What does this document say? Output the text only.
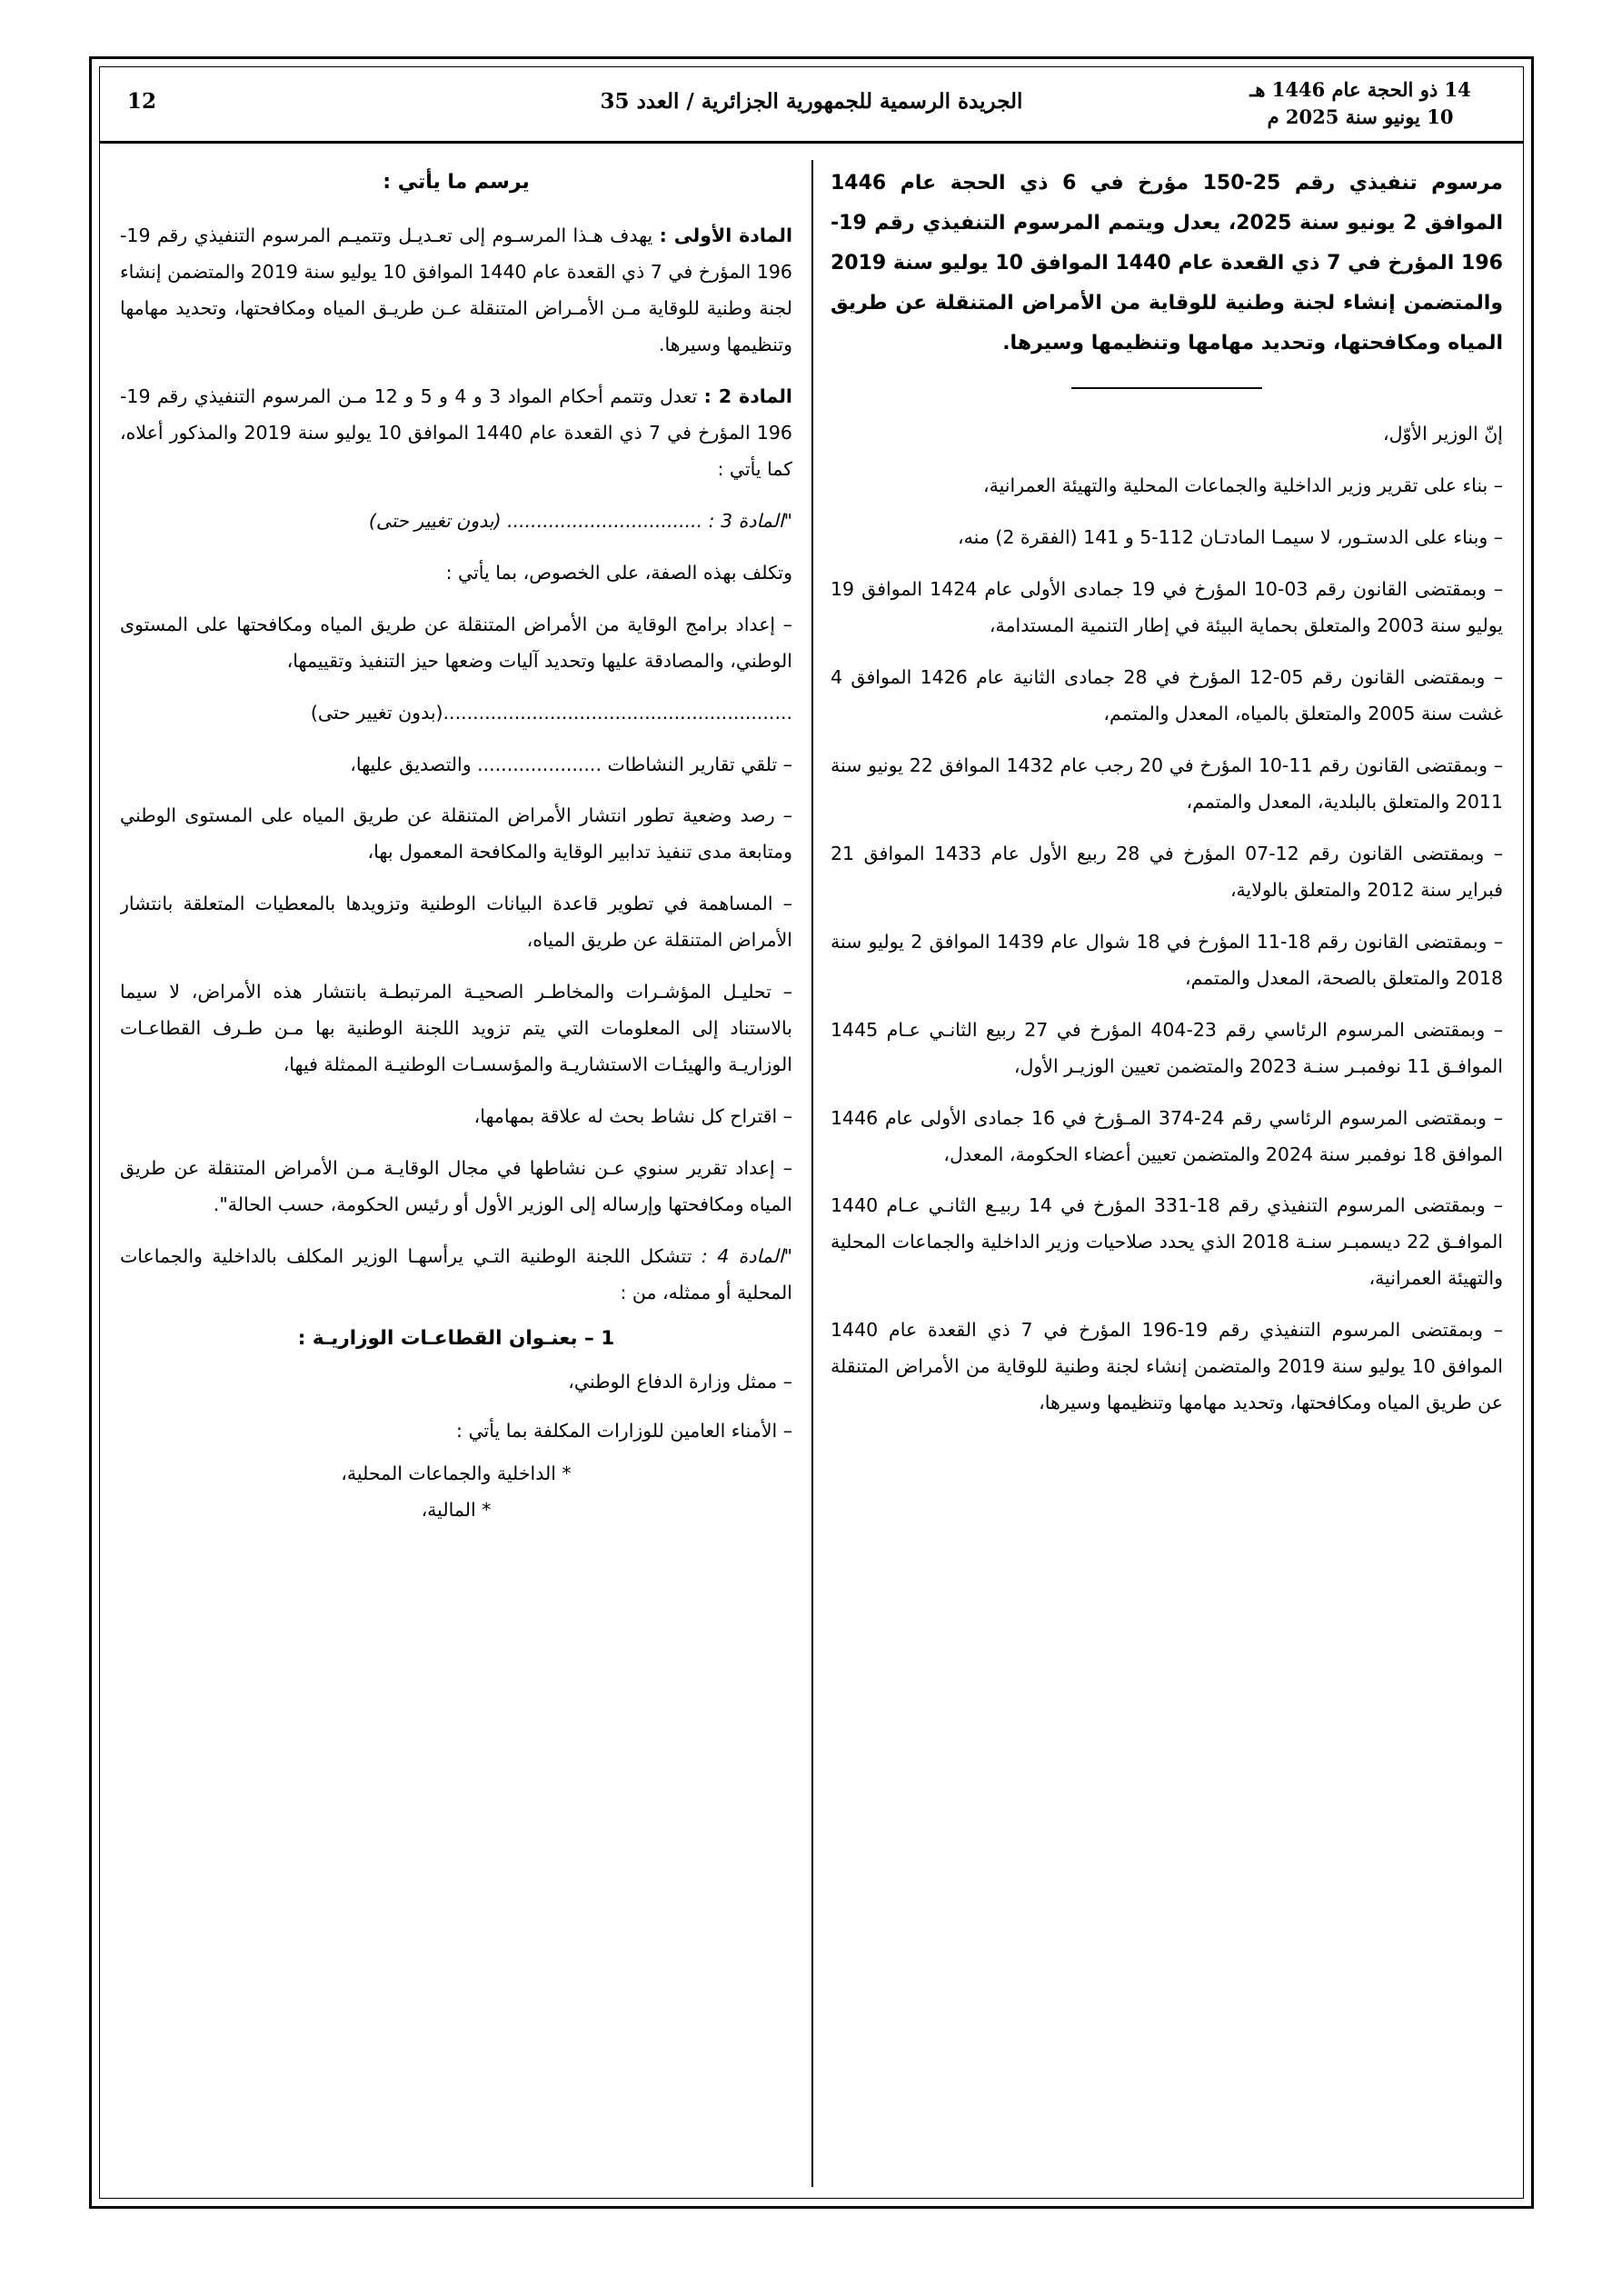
14 ذو الحجة عام 1446 هـ
10 يونيو سنة 2025 م
الجريدة الرسمية للجمهورية الجزائرية / العدد 35
12
مرسوم تنفيذي رقم 25-150 مؤرخ في 6 ذي الحجة عام 1446 الموافق 2 يونيو سنة 2025، يعدل ويتمم المرسوم التنفيذي رقم 19-196 المؤرخ في 7 ذي القعدة عام 1440 الموافق 10 يوليو سنة 2019 والمتضمن إنشاء لجنة وطنية للوقاية من الأمراض المتنقلة عن طريق المياه ومكافحتها، وتحديد مهامها وتنظيمها وسيرها.
إنّ الوزير الأوّل،
– بناء على تقرير وزير الداخلية والجماعات المحلية والتهيئة العمرانية،
– وبناء على الدستـور، لا سيمـا المادتـان 112-5 و 141 (الفقرة 2) منه،
– وبمقتضى القانون رقم 03-10 المؤرخ في 19 جمادى الأولى عام 1424 الموافق 19 يوليو سنة 2003 والمتعلق بحماية البيئة في إطار التنمية المستدامة،
– وبمقتضى القانون رقم 05-12 المؤرخ في 28 جمادى الثانية عام 1426 الموافق 4 غشت سنة 2005 والمتعلق بالمياه، المعدل والمتمم،
– وبمقتضى القانون رقم 11-10 المؤرخ في 20 رجب عام 1432 الموافق 22 يونيو سنة 2011 والمتعلق بالبلدية، المعدل والمتمم،
– وبمقتضى القانون رقم 12-07 المؤرخ في 28 ربيع الأول عام 1433 الموافق 21 فبراير سنة 2012 والمتعلق بالولاية،
– وبمقتضى القانون رقم 18-11 المؤرخ في 18 شوال عام 1439 الموافق 2 يوليو سنة 2018 والمتعلق بالصحة، المعدل والمتمم،
– وبمقتضى المرسوم الرئاسي رقم 23-404 المؤرخ في 27 ربيع الثانـي عـام 1445 الموافـق 11 نوفمبـر سنـة 2023 والمتضمن تعيين الوزيـر الأول،
– وبمقتضى المرسوم الرئاسي رقم 24-374 المـؤرخ في 16 جمادى الأولى عام 1446 الموافق 18 نوفمبر سنة 2024 والمتضمن تعيين أعضاء الحكومة، المعدل،
– وبمقتضى المرسوم التنفيذي رقم 18-331 المؤرخ في 14 ربيـع الثانـي عـام 1440 الموافـق 22 ديسمبـر سنـة 2018 الذي يحدد صلاحيات وزير الداخلية والجماعات المحلية والتهيئة العمرانية،
– وبمقتضى المرسوم التنفيذي رقم 19-196 المؤرخ في 7 ذي القعدة عام 1440 الموافق 10 يوليو سنة 2019 والمتضمن إنشاء لجنة وطنية للوقاية من الأمراض المتنقلة عن طريق المياه ومكافحتها، وتحديد مهامها وتنظيمها وسيرها،
يرسم ما يأتي :
المادة الأولى : يهدف هـذا المرسـوم إلى تعـديـل وتتميـم المرسوم التنفيذي رقم 19-196 المؤرخ في 7 ذي القعدة عام 1440 الموافق 10 يوليو سنة 2019 والمتضمن إنشاء لجنة وطنية للوقاية مـن الأمـراض المتنقلة عـن طريـق المياه ومكافحتها، وتحديد مهامها وتنظيمها وسيرها.
المادة 2 : تعدل وتتمم أحكام المواد 3 و 4 و 5 و 12 مـن المرسوم التنفيذي رقم 19-196 المؤرخ في 7 ذي القعدة عام 1440 الموافق 10 يوليو سنة 2019 والمذكور أعلاه، كما يأتي :
"المادة 3 : ................................. (بدون تغيير حتى)
وتكلف بهذه الصفة، على الخصوص، بما يأتي :
– إعداد برامج الوقاية من الأمراض المتنقلة عن طريق المياه ومكافحتها على المستوى الوطني، والمصادقة عليها وتحديد آليات وضعها حيز التنفيذ وتقييمها،
...........................................................(بدون تغيير حتى)
– تلقي تقارير النشاطات ..................... والتصديق عليها،
– رصد وضعية تطور انتشار الأمراض المتنقلة عن طريق المياه على المستوى الوطني ومتابعة مدى تنفيذ تدابير الوقاية والمكافحة المعمول بها،
– المساهمة في تطوير قاعدة البيانات الوطنية وتزويدها بالمعطيات المتعلقة بانتشار الأمراض المتنقلة عن طريق المياه،
– تحليـل المؤشـرات والمخاطـر الصحيـة المرتبطـة بانتشار هذه الأمراض، لا سيما بالاستناد إلى المعلومات التي يتم تزويد اللجنة الوطنية بها مـن طـرف القطاعـات الوزاريـة والهيئـات الاستشاريـة والمؤسسـات الوطنيـة الممثلة فيها،
– اقتراح كل نشاط بحث له علاقة بمهامها،
– إعداد تقرير سنوي عـن نشاطها في مجال الوقايـة مـن الأمراض المتنقلة عن طريق المياه ومكافحتها وإرساله إلى الوزير الأول أو رئيس الحكومة، حسب الحالة".
"المادة 4 : تتشكل اللجنة الوطنية التـي يرأسهـا الوزير المكلف بالداخلية والجماعات المحلية أو ممثله، من :
1 – بعنـوان القطاعـات الوزاريـة :
– ممثل وزارة الدفاع الوطني،
– الأمناء العامين للوزارات المكلفة بما يأتي :
* الداخلية والجماعات المحلية،
* المالية،
